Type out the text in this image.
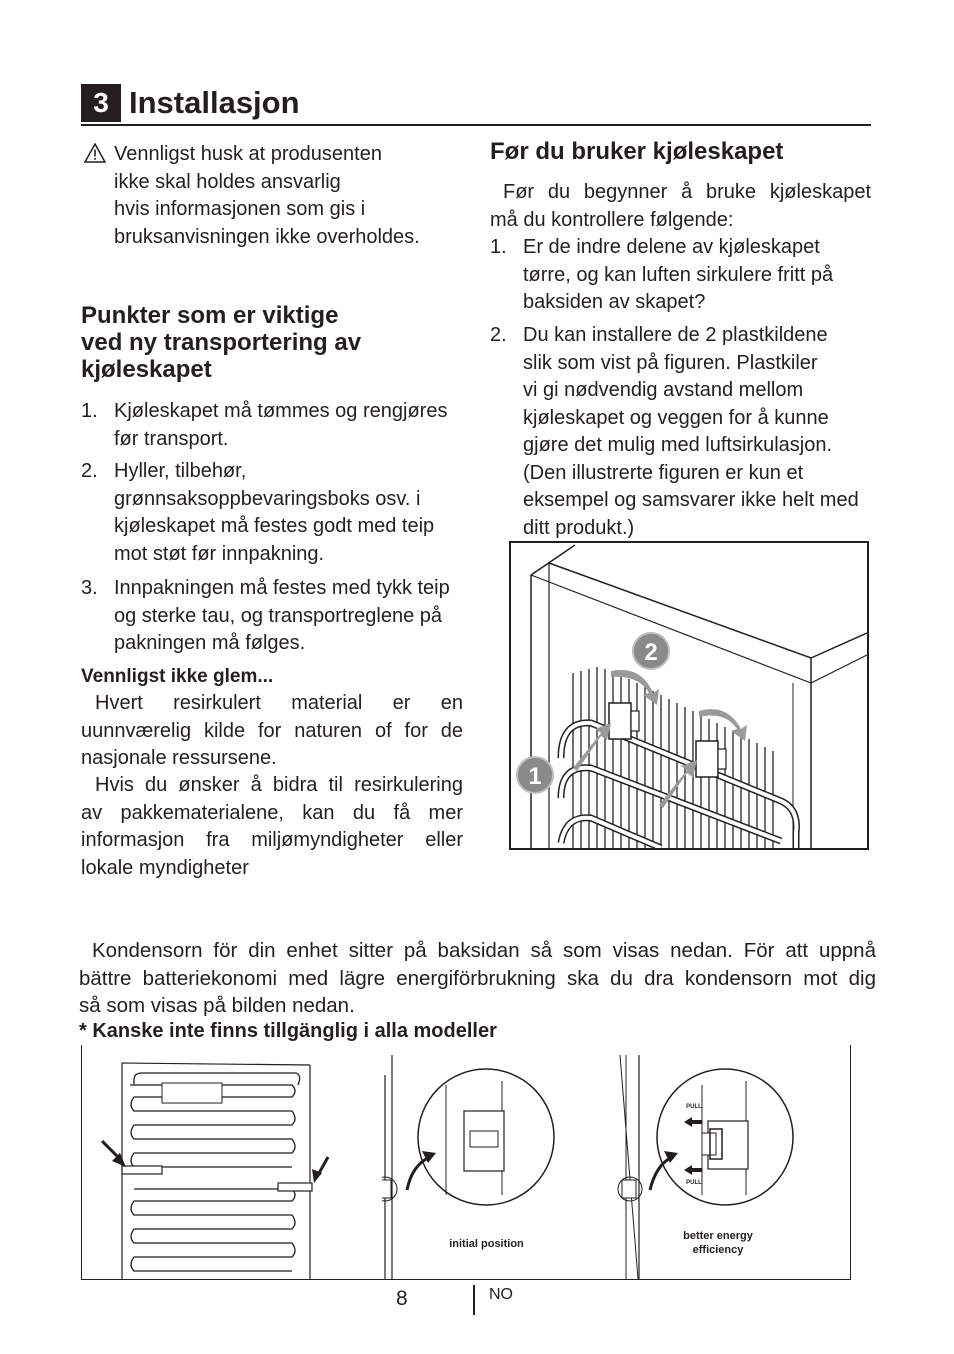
3 Installasjon
Vennligst husk at produsenten
ikke skal holdes ansvarlig
hvis informasjonen som gis i
bruksanvisningen ikke overholdes.
Punkter som er viktige
ved ny transportering av
kjøleskapet
1. Kjøleskapet må tømmes og rengjøres
før transport.
2. Hyller, tilbehør,
grønnsaksoppbevaringsboks osv. i
kjøleskapet må festes godt med teip
mot støt før innpakning.
3. Innpakningen må festes med tykk teip
og sterke tau, og transportreglene på
pakningen må følges.
Vennligst ikke glem...
Hvert resirkulert material er en
uunnværelig kilde for naturen of for de
nasjonale ressursene.
Hvis du ønsker å bidra til resirkulering
av pakkematerialene, kan du få mer
informasjon fra miljømyndigheter eller
lokale myndigheter
Før du bruker kjøleskapet
Før du begynner å bruke kjøleskapet
må du kontrollere følgende:
1. Er de indre delene av kjøleskapet
tørre, og kan luften sirkulere fritt på
baksiden av skapet?
2. Du kan installere de 2 plastkildene
slik som vist på figuren. Plastkiler
vi gi nødvendig avstand mellom
kjøleskapet og veggen for å kunne
gjøre det mulig med luftsirkulasjon.
(Den illustrerte figuren er kun et
eksempel og samsvarer ikke helt med
ditt produkt.)
2
1
Kondensorn för din enhet sitter på baksidan så som visas nedan. För att uppnå
bättre batteriekonomi med lägre energiförbrukning ska du dra kondensorn mot dig
så som visas på bilden nedan.
* Kanske inte finns tillgänglig i alla modeller
initial position
PULL
PULL
better energy
efficiency
8	NO
